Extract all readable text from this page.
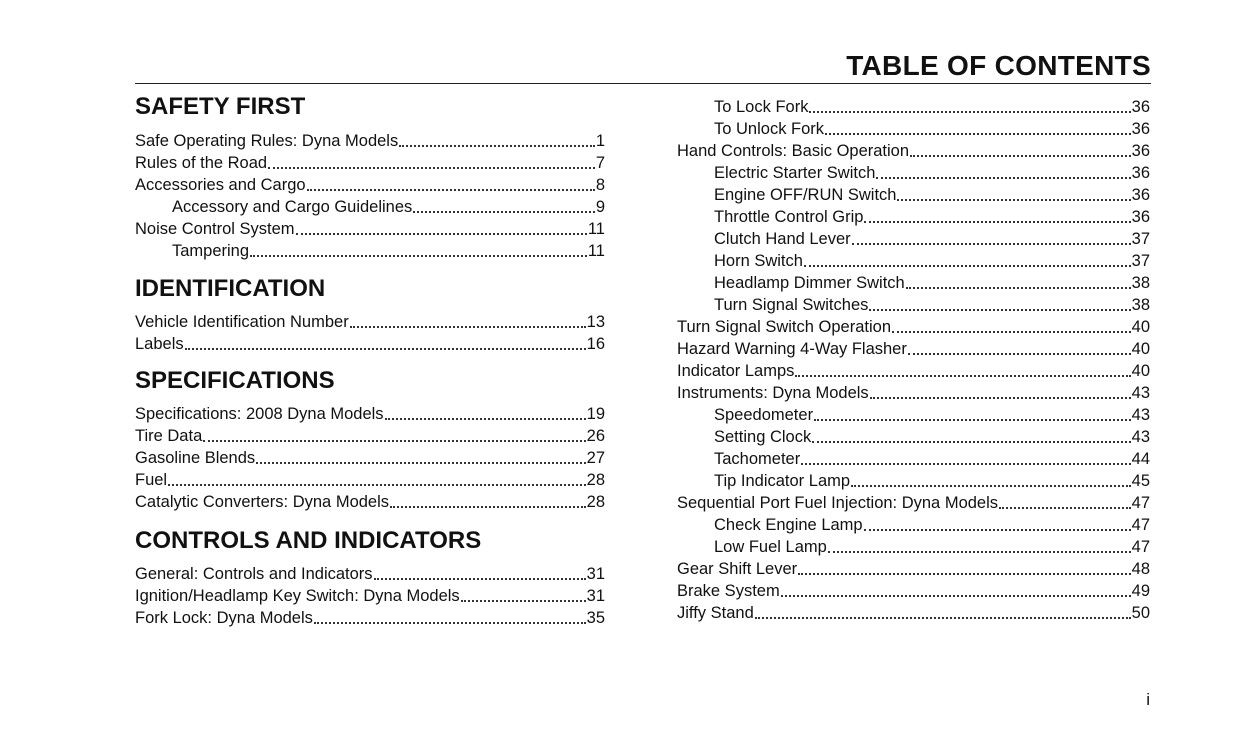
TABLE OF CONTENTS
SAFETY FIRST
Safe Operating Rules: Dyna Models	1
Rules of the Road	7
Accessories and Cargo	8
Accessory and Cargo Guidelines	9
Noise Control System	11
Tampering	11
IDENTIFICATION
Vehicle Identification Number	13
Labels	16
SPECIFICATIONS
Specifications: 2008 Dyna Models	19
Tire Data	26
Gasoline Blends	27
Fuel	28
Catalytic Converters: Dyna Models	28
CONTROLS AND INDICATORS
General: Controls and Indicators	31
Ignition/Headlamp Key Switch: Dyna Models	31
Fork Lock: Dyna Models	35
To Lock Fork	36
To Unlock Fork	36
Hand Controls: Basic Operation	36
Electric Starter Switch	36
Engine OFF/RUN Switch	36
Throttle Control Grip	36
Clutch Hand Lever	37
Horn Switch	37
Headlamp Dimmer Switch	38
Turn Signal Switches	38
Turn Signal Switch Operation	40
Hazard Warning 4-Way Flasher	40
Indicator Lamps	40
Instruments: Dyna Models	43
Speedometer	43
Setting Clock	43
Tachometer	44
Tip Indicator Lamp	45
Sequential Port Fuel Injection: Dyna Models	47
Check Engine Lamp	47
Low Fuel Lamp	47
Gear Shift Lever	48
Brake System	49
Jiffy Stand	50
i
